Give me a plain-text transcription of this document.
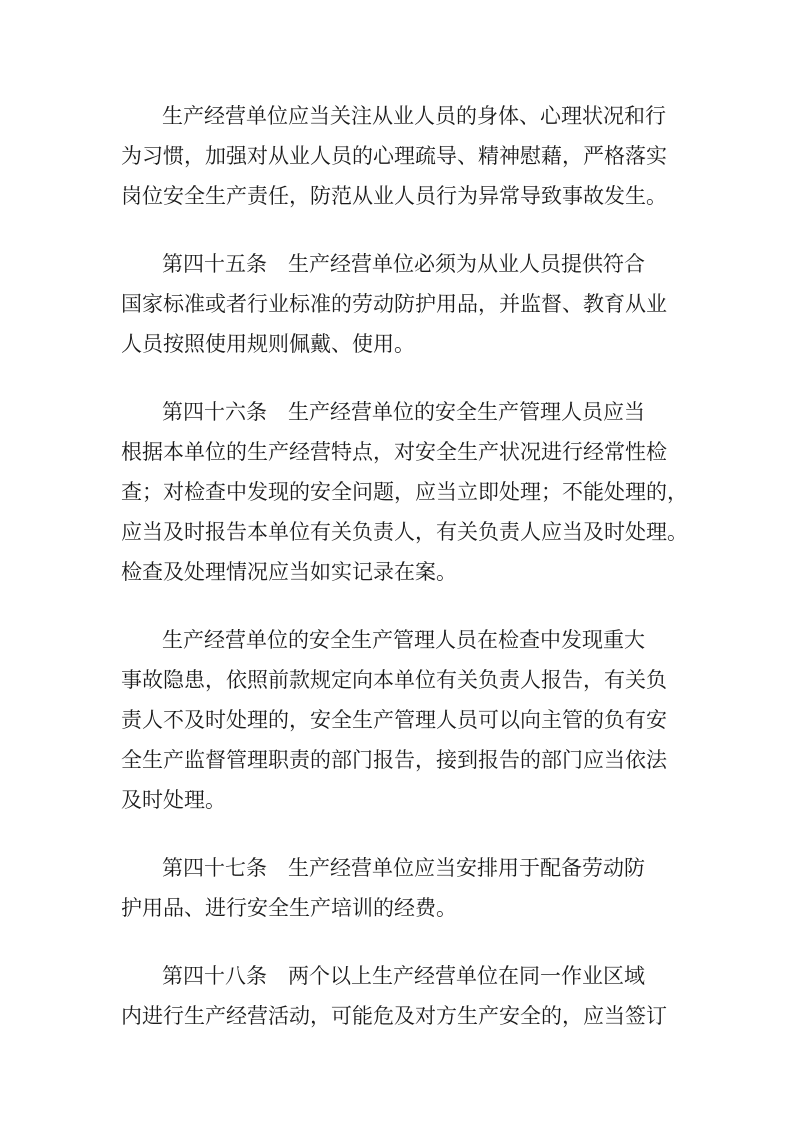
生产经营单位应当关注从业人员的身体、心理状况和行
为习惯，加强对从业人员的心理疏导、精神慰藉，严格落实
岗位安全生产责任，防范从业人员行为异常导致事故发生。
第四十五条　生产经营单位必须为从业人员提供符合
国家标准或者行业标准的劳动防护用品，并监督、教育从业
人员按照使用规则佩戴、使用。
第四十六条　生产经营单位的安全生产管理人员应当
根据本单位的生产经营特点，对安全生产状况进行经常性检
查；对检查中发现的安全问题，应当立即处理；不能处理的，
应当及时报告本单位有关负责人，有关负责人应当及时处理。
检查及处理情况应当如实记录在案。
生产经营单位的安全生产管理人员在检查中发现重大
事故隐患，依照前款规定向本单位有关负责人报告，有关负
责人不及时处理的，安全生产管理人员可以向主管的负有安
全生产监督管理职责的部门报告，接到报告的部门应当依法
及时处理。
第四十七条　生产经营单位应当安排用于配备劳动防
护用品、进行安全生产培训的经费。
第四十八条　两个以上生产经营单位在同一作业区域
内进行生产经营活动，可能危及对方生产安全的，应当签订
